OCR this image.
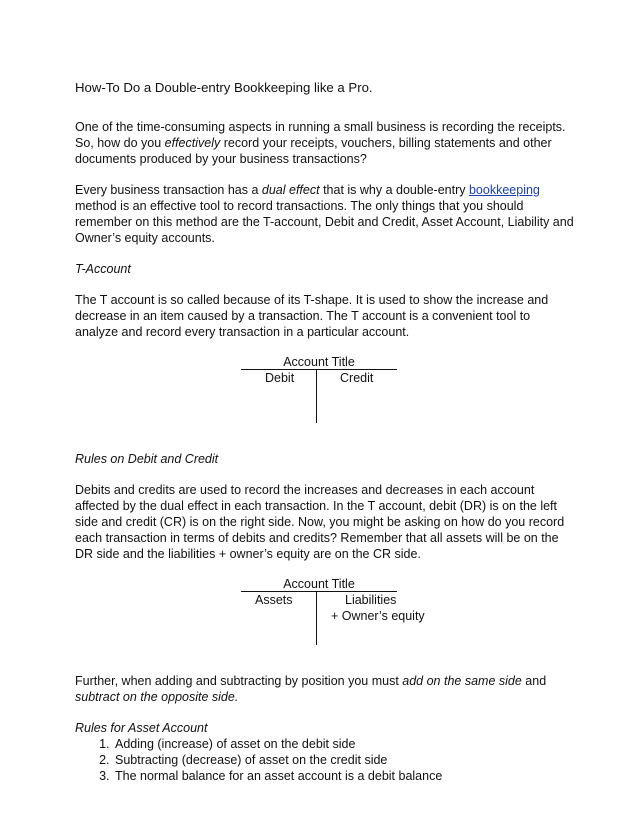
How-To Do a Double-entry Bookkeeping like a Pro.

One of the time-consuming aspects in running a small business is recording the receipts. So, how do you effectively record your receipts, vouchers, billing statements and other documents produced by your business transactions?

Every business transaction has a dual effect that is why a double-entry bookkeeping method is an effective tool to record transactions. The only things that you should remember on this method are the T-account, Debit and Credit, Asset Account, Liability and Owner’s equity accounts.

T-Account

The T account is so called because of its T-shape. It is used to show the increase and decrease in an item caused by a transaction. The T account is a convenient tool to analyze and record every transaction in a particular account.

Account Title
Debit	Credit

Rules on Debit and Credit

Debits and credits are used to record the increases and decreases in each account affected by the dual effect in each transaction. In the T account, debit (DR) is on the left side and credit (CR) is on the right side. Now, you might be asking on how do you record each transaction in terms of debits and credits? Remember that all assets will be on the DR side and the liabilities + owner’s equity are on the CR side.

Account Title
Assets	Liabilities
+ Owner’s equity

Further, when adding and subtracting by position you must add on the same side and subtract on the opposite side.

Rules for Asset Account
1. Adding (increase) of asset on the debit side
2. Subtracting (decrease) of asset on the credit side
3. The normal balance for an asset account is a debit balance
